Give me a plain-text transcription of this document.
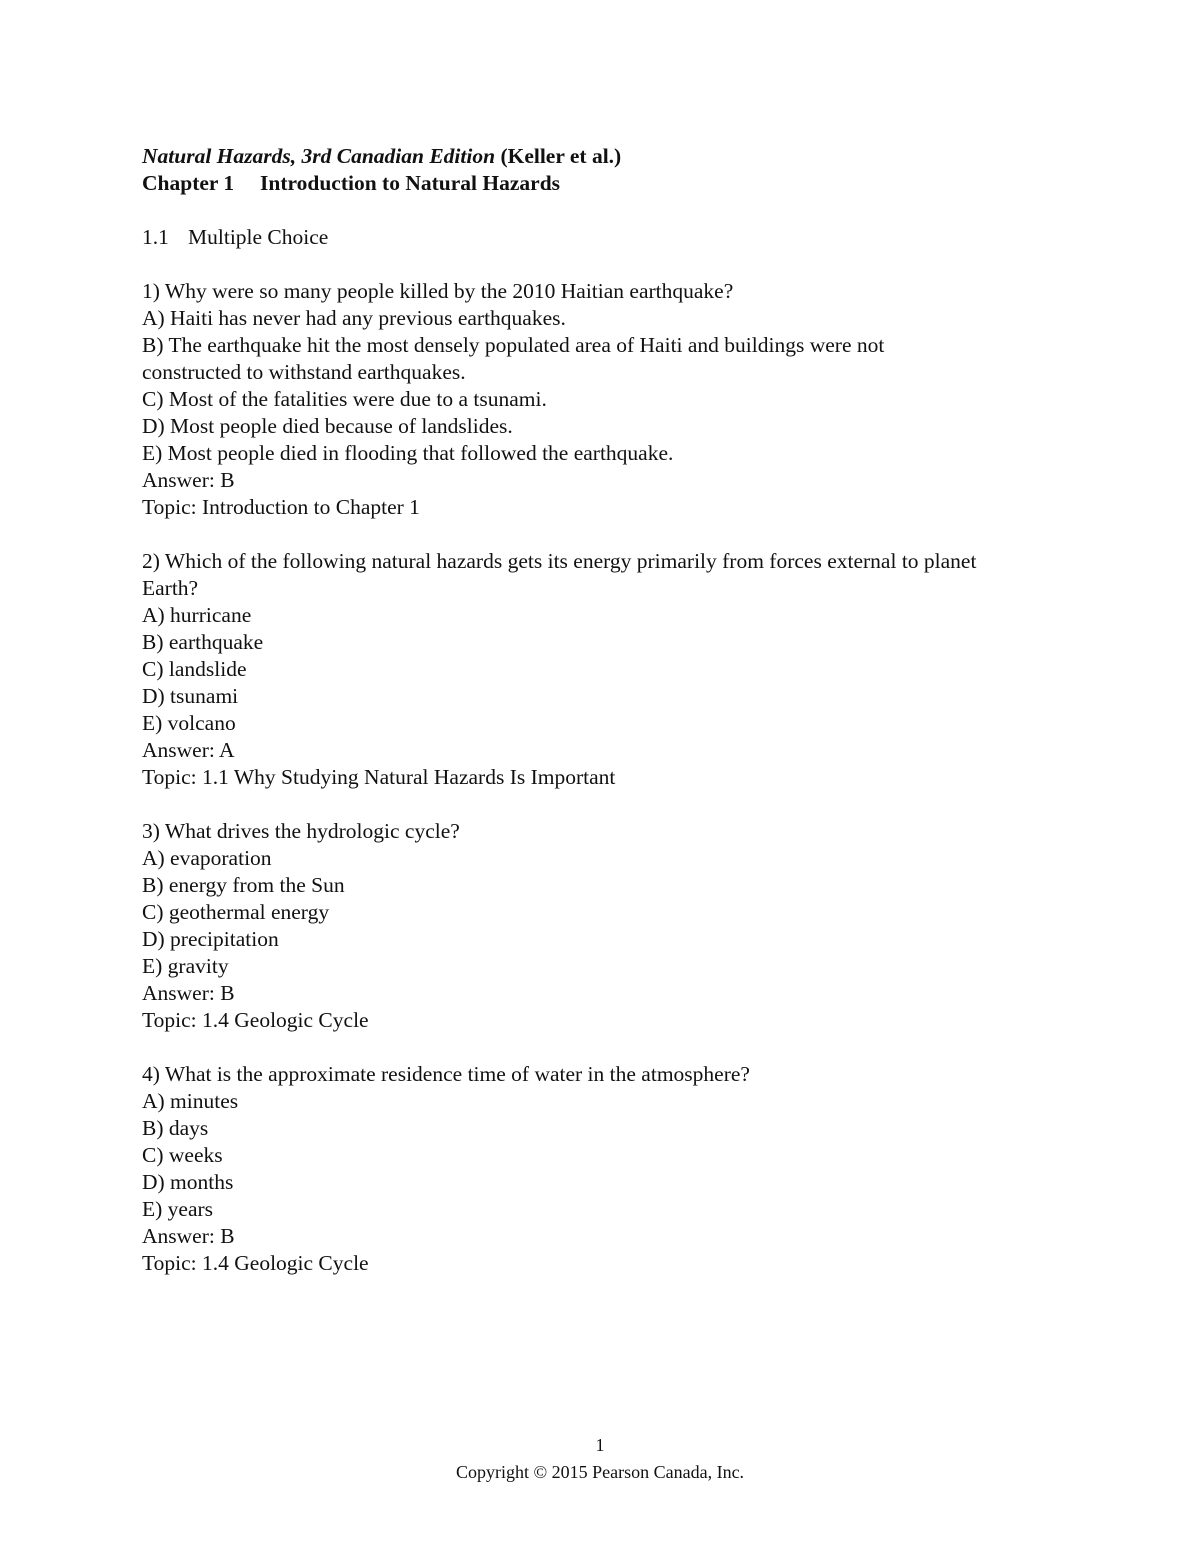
Natural Hazards, 3rd Canadian Edition (Keller et al.)
Chapter 1 Introduction to Natural Hazards
1.1 Multiple Choice
1) Why were so many people killed by the 2010 Haitian earthquake?
A) Haiti has never had any previous earthquakes.
B) The earthquake hit the most densely populated area of Haiti and buildings were not
constructed to withstand earthquakes.
C) Most of the fatalities were due to a tsunami.
D) Most people died because of landslides.
E) Most people died in flooding that followed the earthquake.
Answer: B
Topic: Introduction to Chapter 1
2) Which of the following natural hazards gets its energy primarily from forces external to planet
Earth?
A) hurricane
B) earthquake
C) landslide
D) tsunami
E) volcano
Answer: A
Topic: 1.1 Why Studying Natural Hazards Is Important
3) What drives the hydrologic cycle?
A) evaporation
B) energy from the Sun
C) geothermal energy
D) precipitation
E) gravity
Answer: B
Topic: 1.4 Geologic Cycle
4) What is the approximate residence time of water in the atmosphere?
A) minutes
B) days
C) weeks
D) months
E) years
Answer: B
Topic: 1.4 Geologic Cycle
1
Copyright © 2015 Pearson Canada, Inc.
